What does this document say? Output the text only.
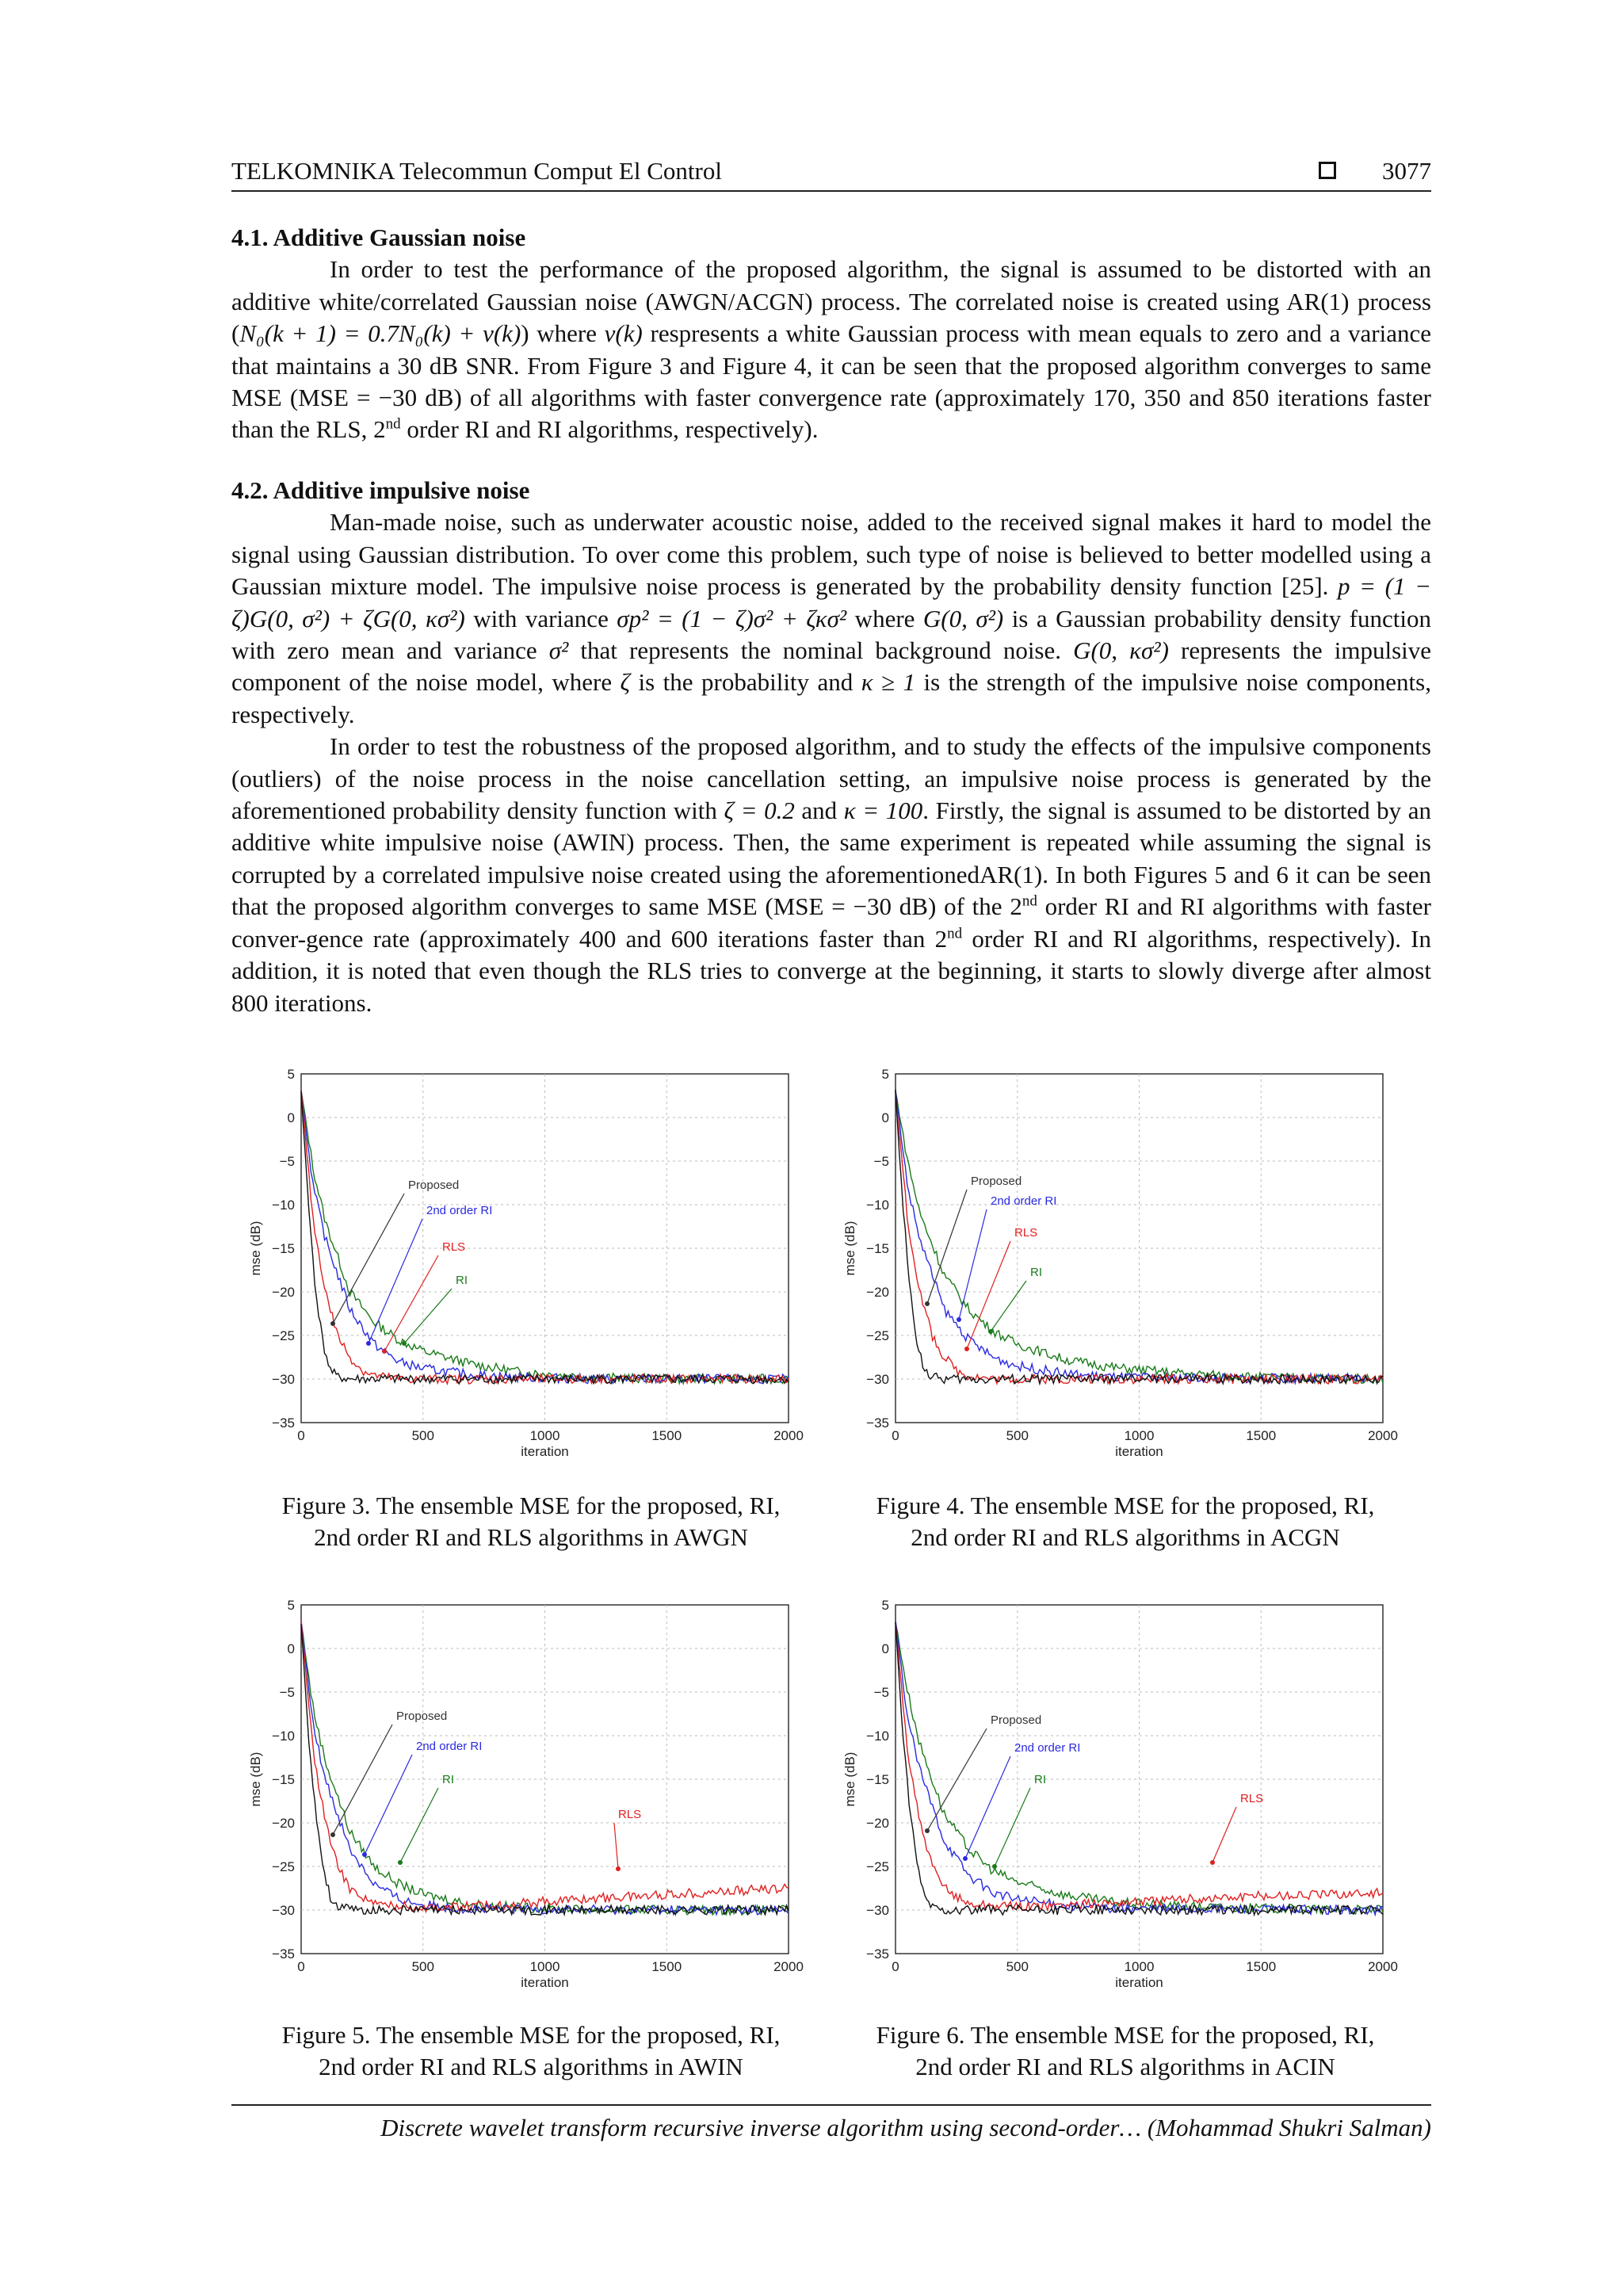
TELKOMNIKA Telecommun Comput El Control	3077
4.1. Additive Gaussian noise

In order to test the performance of the proposed algorithm, the signal is assumed to be distorted with an additive white/correlated Gaussian noise (AWGN/ACGN) process. The correlated noise is created using AR(1) process (N₀(k + 1) = 0.7N₀(k) + v(k)) where v(k) respresents a white Gaussian process with mean equals to zero and a variance that maintains a 30 dB SNR. From Figure 3 and Figure 4, it can be seen that the proposed algorithm converges to same MSE (MSE = −30 dB) of all algorithms with faster convergence rate (approximately 170, 350 and 850 iterations faster than the RLS, 2nd order RI and RI algorithms, respectively).

4.2. Additive impulsive noise

Man-made noise, such as underwater acoustic noise, added to the received signal makes it hard to model the signal using Gaussian distribution. To over come this problem, such type of noise is believed to better modelled using a Gaussian mixture model. The impulsive noise process is generated by the probability density function [25]. p = (1 − ζ)G(0, σ²) + ζG(0, κσ²) with variance σp² = (1 − ζ)σ² + ζκσ² where G(0, σ²) is a Gaussian probability density function with zero mean and variance σ² that represents the nominal background noise. G(0, κσ²) represents the impulsive component of the noise model, where ζ is the probability and κ ≥ 1 is the strength of the impulsive noise components, respectively.

In order to test the robustness of the proposed algorithm, and to study the effects of the impulsive components (outliers) of the noise process in the noise cancellation setting, an impulsive noise process is generated by the aforementioned probability density function with ζ = 0.2 and κ = 100. Firstly, the signal is assumed to be distorted by an additive white impulsive noise (AWIN) process. Then, the same experiment is repeated while assuming the signal is corrupted by a correlated impulsive noise created using the aforementionedAR(1). In both Figures 5 and 6 it can be seen that the proposed algorithm converges to same MSE (MSE = −30 dB) of the 2nd order RI and RI algorithms with faster conver-gence rate (approximately 400 and 600 iterations faster than 2nd order RI and RI algorithms, respectively). In addition, it is noted that even though the RLS tries to converge at the beginning, it starts to slowly diverge after almost 800 iterations.

5
0
−5
−10
−15
−20
−25
−30
−35
0	500	1000	1500	2000
iteration
mse (dB)
Proposed
2nd order RI
RLS
RI
5
0
−5
−10
−15
−20
−25
−30
−35
0	500	1000	1500	2000
iteration
mse (dB)
Proposed
2nd order RI
RLS
RI
5
0
−5
−10
−15
−20
−25
−30
−35
0	500	1000	1500	2000
iteration
mse (dB)
Proposed
2nd order RI
RI
RLS
5
0
−5
−10
−15
−20
−25
−30
−35
0	500	1000	1500	2000
iteration
mse (dB)
Proposed
2nd order RI
RI
RLS
Figure 3. The ensemble MSE for the proposed, RI,
2nd order RI and RLS algorithms in AWGN
Figure 4. The ensemble MSE for the proposed, RI,
2nd order RI and RLS algorithms in ACGN
Figure 5. The ensemble MSE for the proposed, RI,
2nd order RI and RLS algorithms in AWIN
Figure 6. The ensemble MSE for the proposed, RI,
2nd order RI and RLS algorithms in ACIN
Discrete wavelet transform recursive inverse algorithm using second-order… (Mohammad Shukri Salman)
